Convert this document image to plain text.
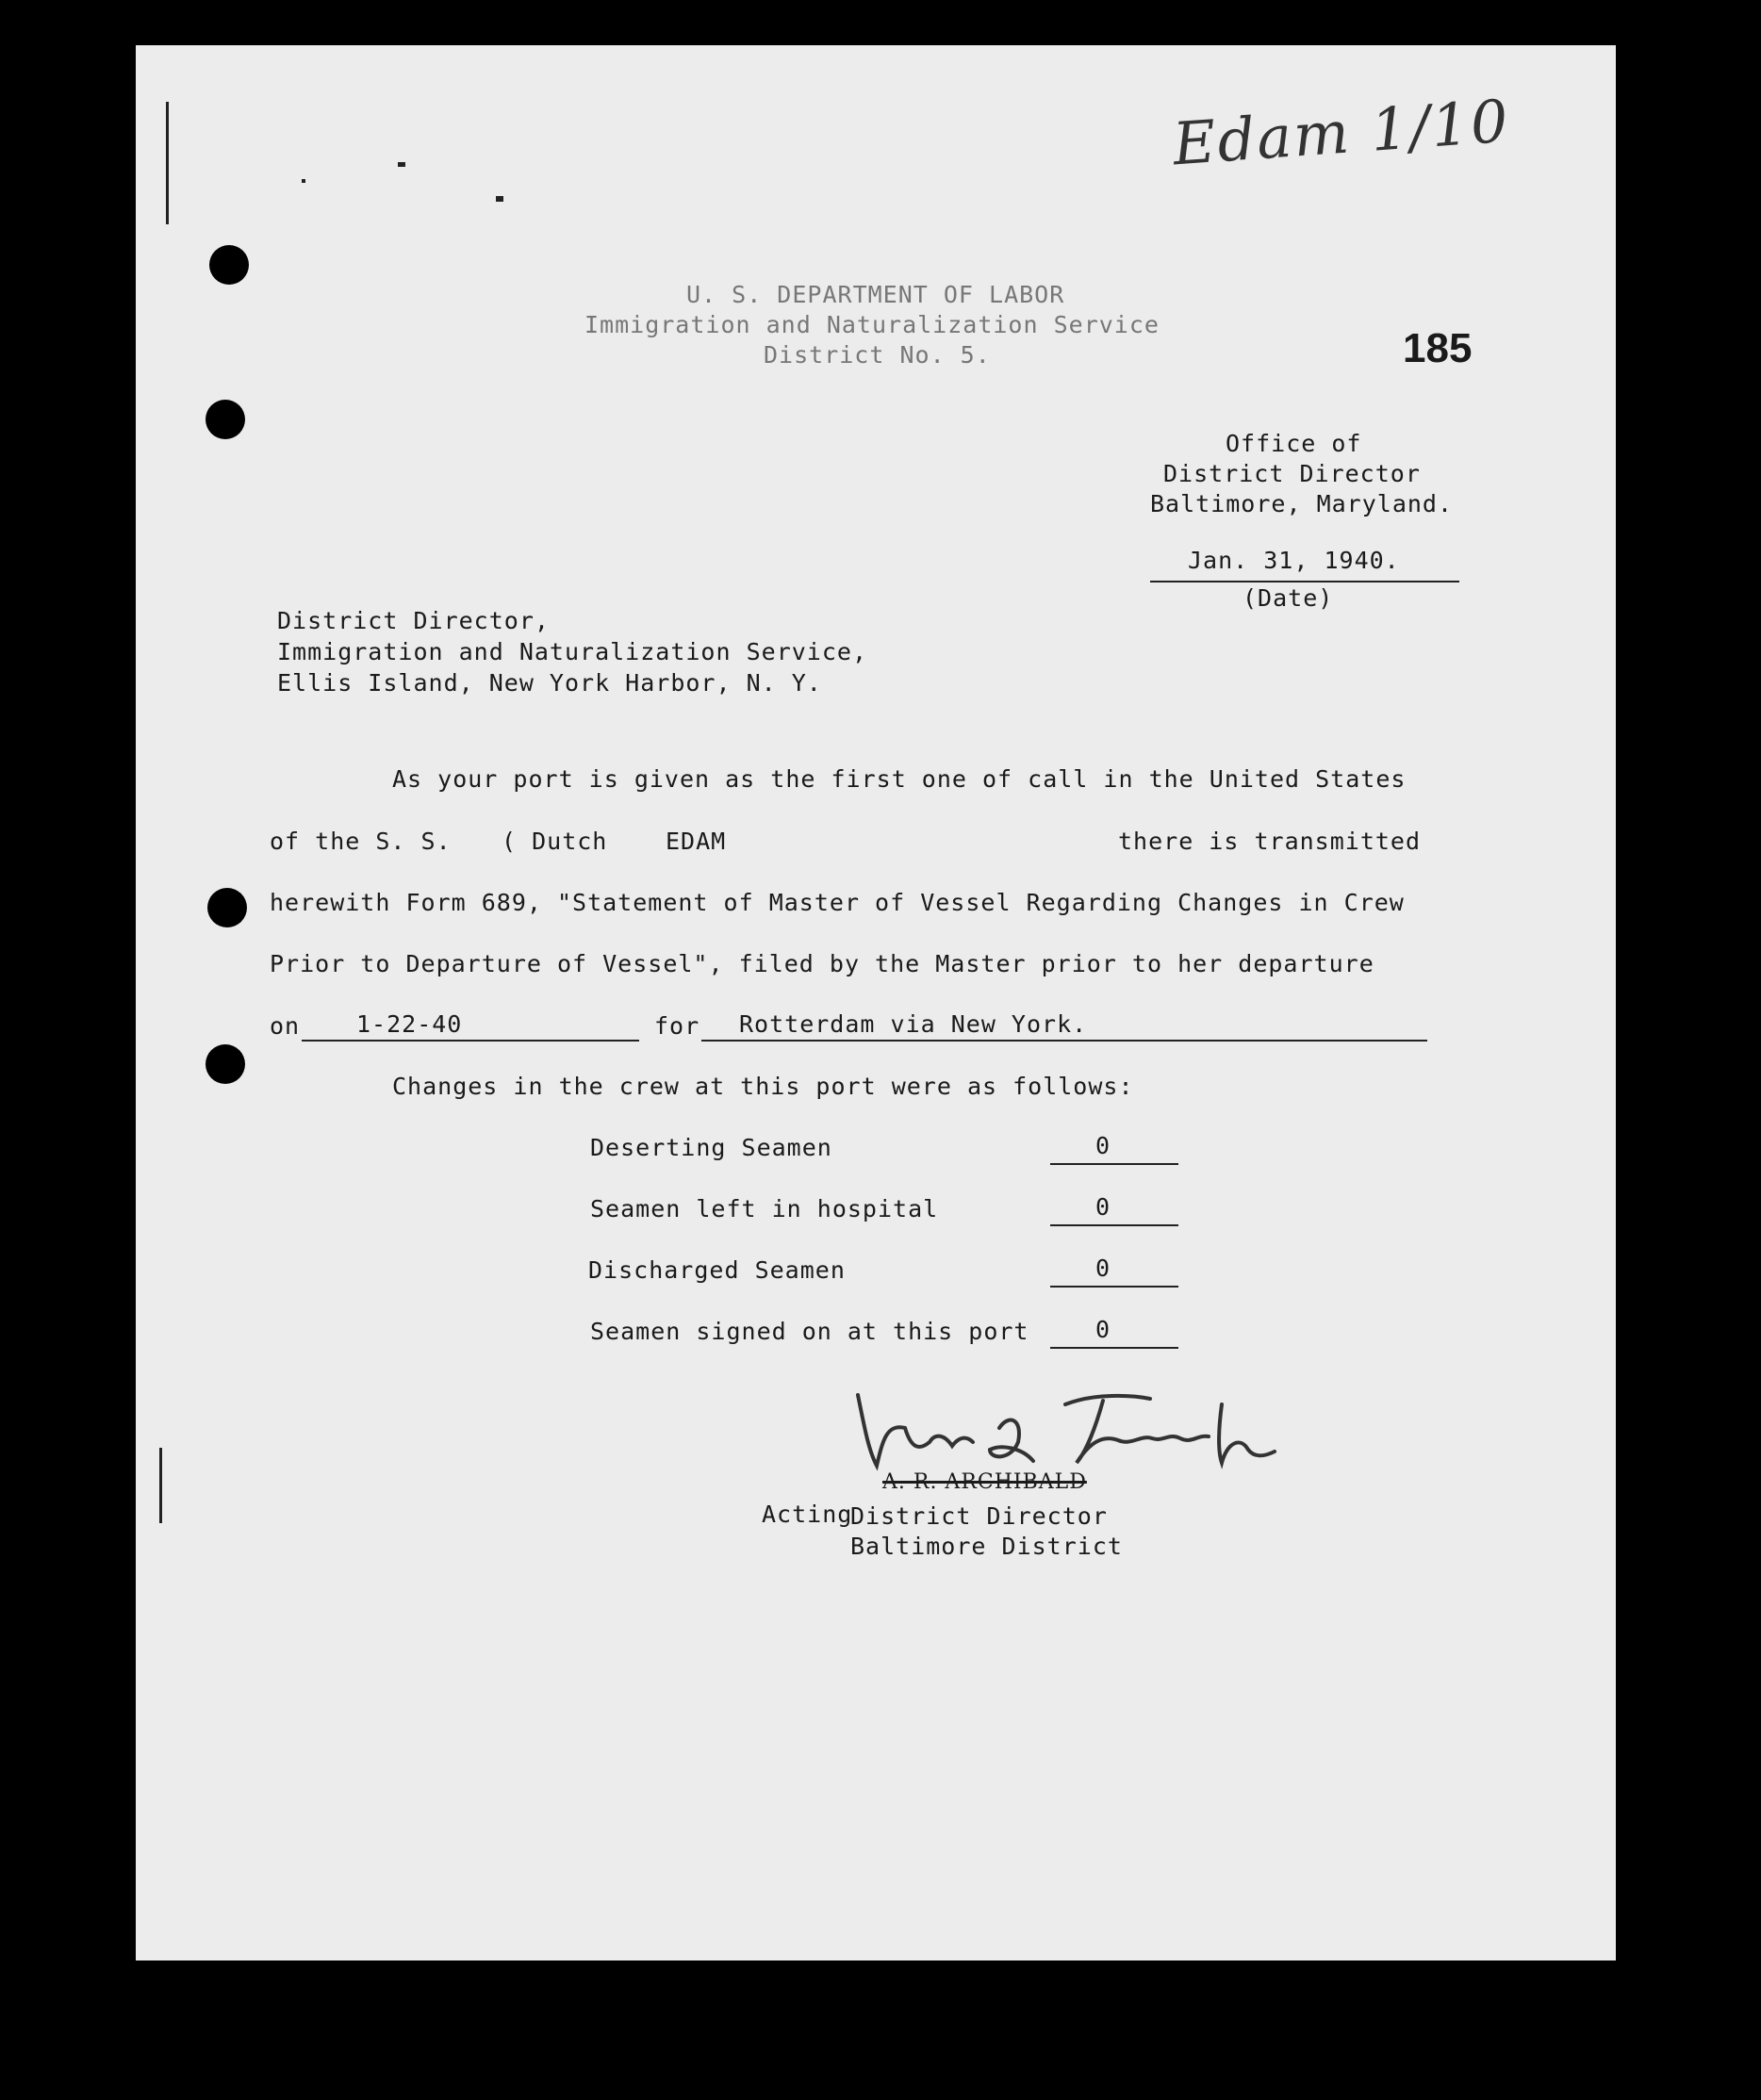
Edam 1/10
U. S. DEPARTMENT OF LABOR
Immigration and Naturalization Service
District No. 5.	185
Office of
District Director
Baltimore, Maryland.
Jan. 31, 1940.
(Date)
District Director,
Immigration and Naturalization Service,
Ellis Island, New York Harbor, N. Y.
As your port is given as the first one of call in the United States
of the S. S. ( Dutch EDAM	there is transmitted
herewith Form 689, "Statement of Master of Vessel Regarding Changes in Crew
Prior to Departure of Vessel", filed by the Master prior to her departure
on 1-22-40	for Rotterdam via New York.
Changes in the crew at this port were as follows:
Deserting Seamen	0
Seamen left in hospital	0
Discharged Seamen	0
Seamen signed on at this port	0
A. R. ARCHIBALD
Acting
District Director
Baltimore District
